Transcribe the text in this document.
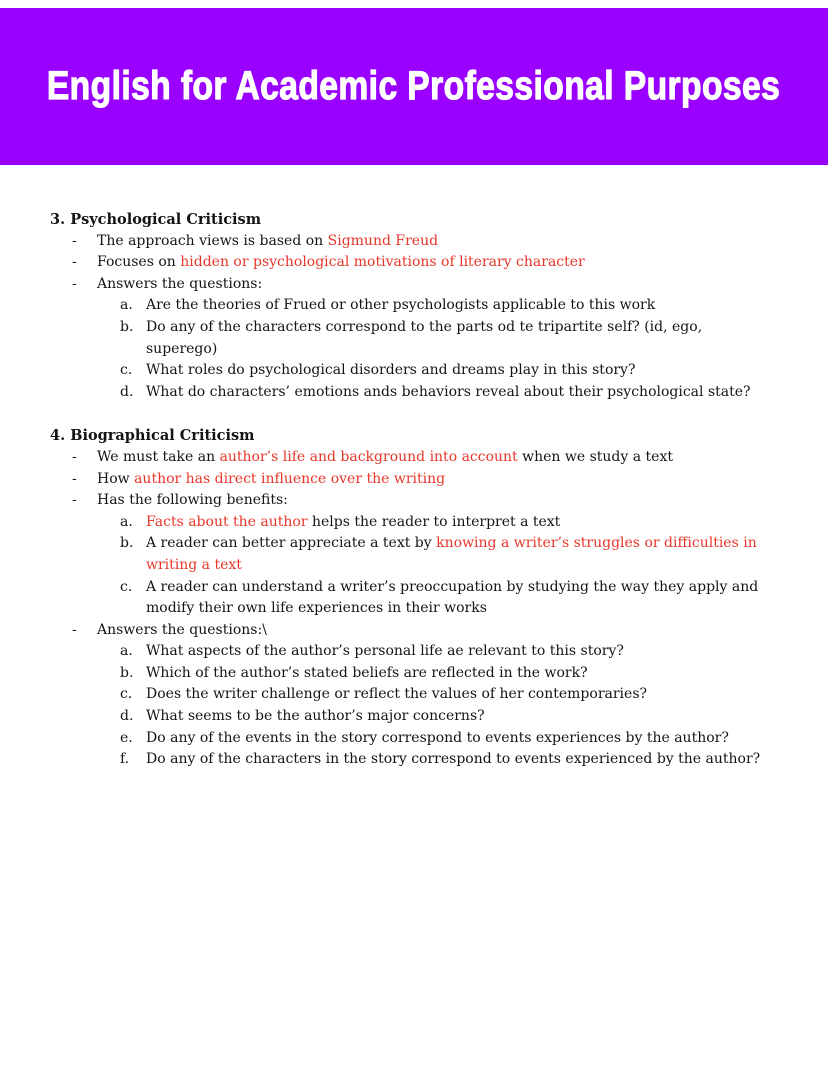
English for Academic Professional Purposes
3. Psychological Criticism
-	The approach views is based on Sigmund Freud
-	Focuses on hidden or psychological motivations of literary character
-	Answers the questions:
a. Are the theories of Frued or other psychologists applicable to this work
b. Do any of the characters correspond to the parts od te tripartite self? (id, ego, superego)
c. What roles do psychological disorders and dreams play in this story?
d. What do characters’ emotions ands behaviors reveal about their psychological state?
4. Biographical Criticism
-	We must take an author’s life and background into account when we study a text
-	How author has direct influence over the writing
-	Has the following benefits:
a. Facts about the author helps the reader to interpret a text
b. A reader can better appreciate a text by knowing a writer’s struggles or difficulties in writing a text
c. A reader can understand a writer’s preoccupation by studying the way they apply and modify their own life experiences in their works
-	Answers the questions:\
a. What aspects of the author’s personal life ae relevant to this story?
b. Which of the author’s stated beliefs are reflected in the work?
c. Does the writer challenge or reflect the values of her contemporaries?
d. What seems to be the author’s major concerns?
e. Do any of the events in the story correspond to events experiences by the author?
f.	Do any of the characters in the story correspond to events experienced by the author?
